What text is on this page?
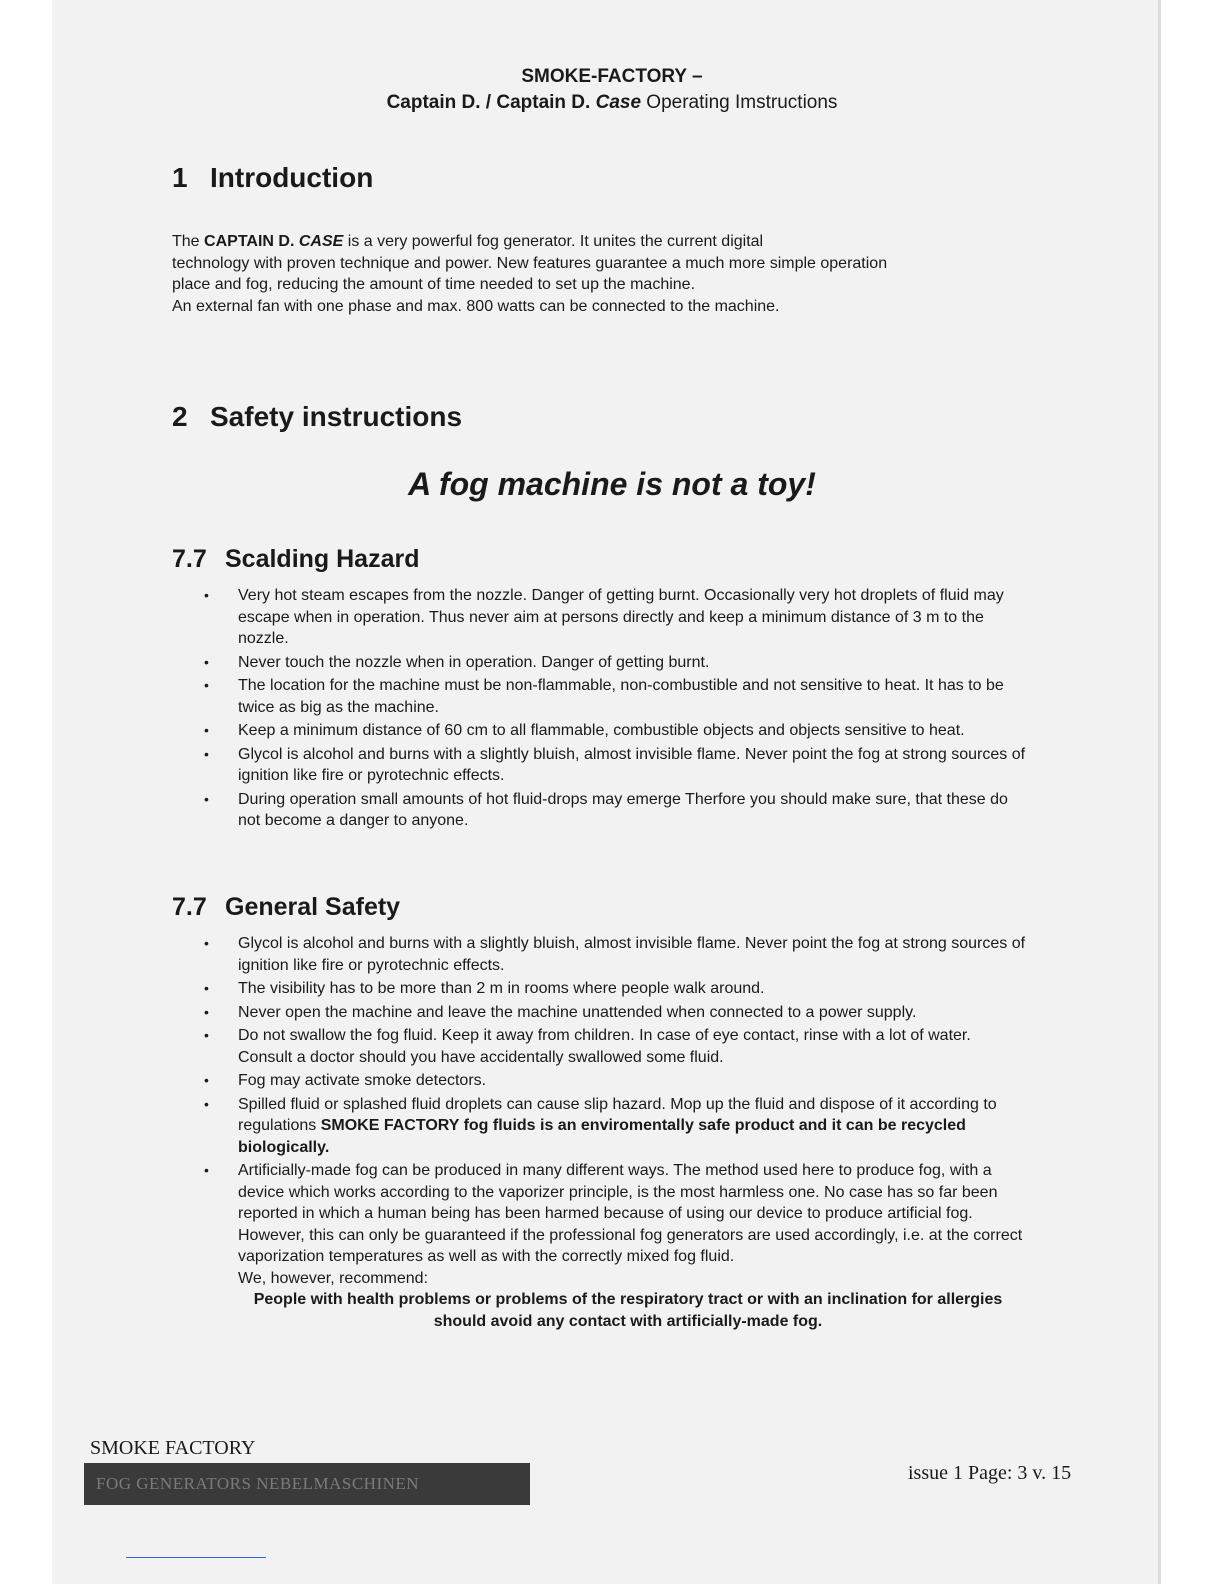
SMOKE-FACTORY –
Captain D. / Captain D. Case Operating Imstructions
1 Introduction
The CAPTAIN D. CASE is a very powerful fog generator. It unites the current digital
technology with proven technique and power. New features guarantee a much more simple operation
place and fog, reducing the amount of time needed to set up the machine.
An external fan with one phase and max. 800 watts can be connected to the machine.
2 Safety instructions

A fog machine is not a toy!

7.7 Scalding Hazard
• Very hot steam escapes from the nozzle. Danger of getting burnt. Occasionally very hot droplets of fluid may escape when in operation. Thus never aim at persons directly and keep a minimum distance of 3 m to the nozzle.
• Never touch the nozzle when in operation. Danger of getting burnt.
• The location for the machine must be non-flammable, non-combustible and not sensitive to heat. It has to be twice as big as the machine.
• Keep a minimum distance of 60 cm to all flammable, combustible objects and objects sensitive to heat.
• Glycol is alcohol and burns with a slightly bluish, almost invisible flame. Never point the fog at strong sources of ignition like fire or pyrotechnic effects.
• During operation small amounts of hot fluid-drops may emerge Therfore you should make sure, that these do not become a danger to anyone.
7.7 General Safety
• Glycol is alcohol and burns with a slightly bluish, almost invisible flame. Never point the fog at strong sources of ignition like fire or pyrotechnic effects.
• The visibility has to be more than 2 m in rooms where people walk around.
• Never open the machine and leave the machine unattended when connected to a power supply.
• Do not swallow the fog fluid. Keep it away from children. In case of eye contact, rinse with a lot of water. Consult a doctor should you have accidentally swallowed some fluid.
• Fog may activate smoke detectors.
• Spilled fluid or splashed fluid droplets can cause slip hazard. Mop up the fluid and dispose of it according to regulations SMOKE FACTORY fog fluids is an enviromentally safe product and it can be recycled biologically.
• Artificially-made fog can be produced in many different ways. The method used here to produce fog, with a device which works according to the vaporizer principle, is the most harmless one. No case has so far been reported in which a human being has been harmed because of using our device to produce artificial fog. However, this can only be guaranteed if the professional fog generators are used accordingly, i.e. at the correct vaporization temperatures as well as with the correctly mixed fog fluid.
We, however, recommend:
People with health problems or problems of the respiratory tract or with an inclination for allergies should avoid any contact with artificially-made fog.
SMOKE FACTORY
FOG GENERATORS NEBELMASCHINEN	issue 1 Page: 3 v. 15
